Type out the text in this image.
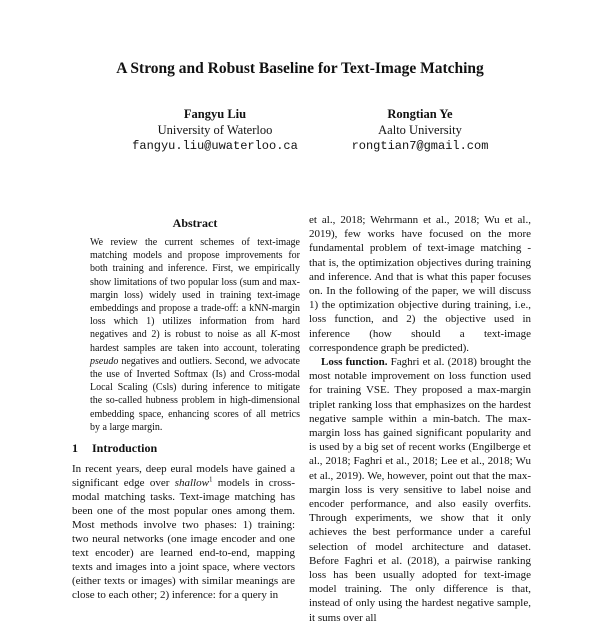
A Strong and Robust Baseline for Text-Image Matching
Fangyu Liu
University of Waterloo
fangyu.liu@uwaterloo.ca
Rongtian Ye
Aalto University
rongtian7@gmail.com
Abstract
We review the current schemes of text-image matching models and propose improvements for both training and inference. First, we empirically show limitations of two popular loss (sum and max-margin loss) widely used in training text-image embeddings and propose a trade-off: a kNN-margin loss which 1) utilizes information from hard negatives and 2) is robust to noise as all K-most hardest samples are taken into account, tolerating pseudo negatives and outliers. Second, we advocate the use of Inverted Softmax (Is) and Cross-modal Local Scaling (Csls) during inference to mitigate the so-called hubness problem in high-dimensional embedding space, enhancing scores of all metrics by a large margin.
1 Introduction
In recent years, deep eural models have gained a significant edge over shallow$^1$ models in cross-modal matching tasks. Text-image matching has been one of the most popular ones among them. Most methods involve two phases: 1) training: two neural networks (one image encoder and one text encoder) are learned end-to-end, mapping texts and images into a joint space, where vectors (either texts or images) with similar meanings are close to each other; 2) inference: for a query in

et al., 2018; Wehrmann et al., 2018; Wu et al., 2019), few works have focused on the more fundamental problem of text-image matching - that is, the optimization objectives during training and inference. And that is what this paper focuses on. In the following of the paper, we will discuss 1) the optimization objective during training, i.e., loss function, and 2) the objective used in inference (how should a text-image correspondence graph be predicted).

Loss function. Faghri et al. (2018) brought the most notable improvement on loss function used for training VSE. They proposed a max-margin triplet ranking loss that emphasizes on the hardest negative sample within a min-batch. The max-margin loss has gained significant popularity and is used by a big set of recent works (Engilberge et al., 2018; Faghri et al., 2018; Lee et al., 2018; Wu et al., 2019). We, however, point out that the max-margin loss is very sensitive to label noise and encoder performance, and also easily overfits. Through experiments, we show that it only achieves the best performance under a careful selection of model architecture and dataset. Before Faghri et al. (2018), a pairwise ranking loss has been usually adopted for text-image model training. The only difference is that, instead of only using the hardest negative sample, it sums over all
